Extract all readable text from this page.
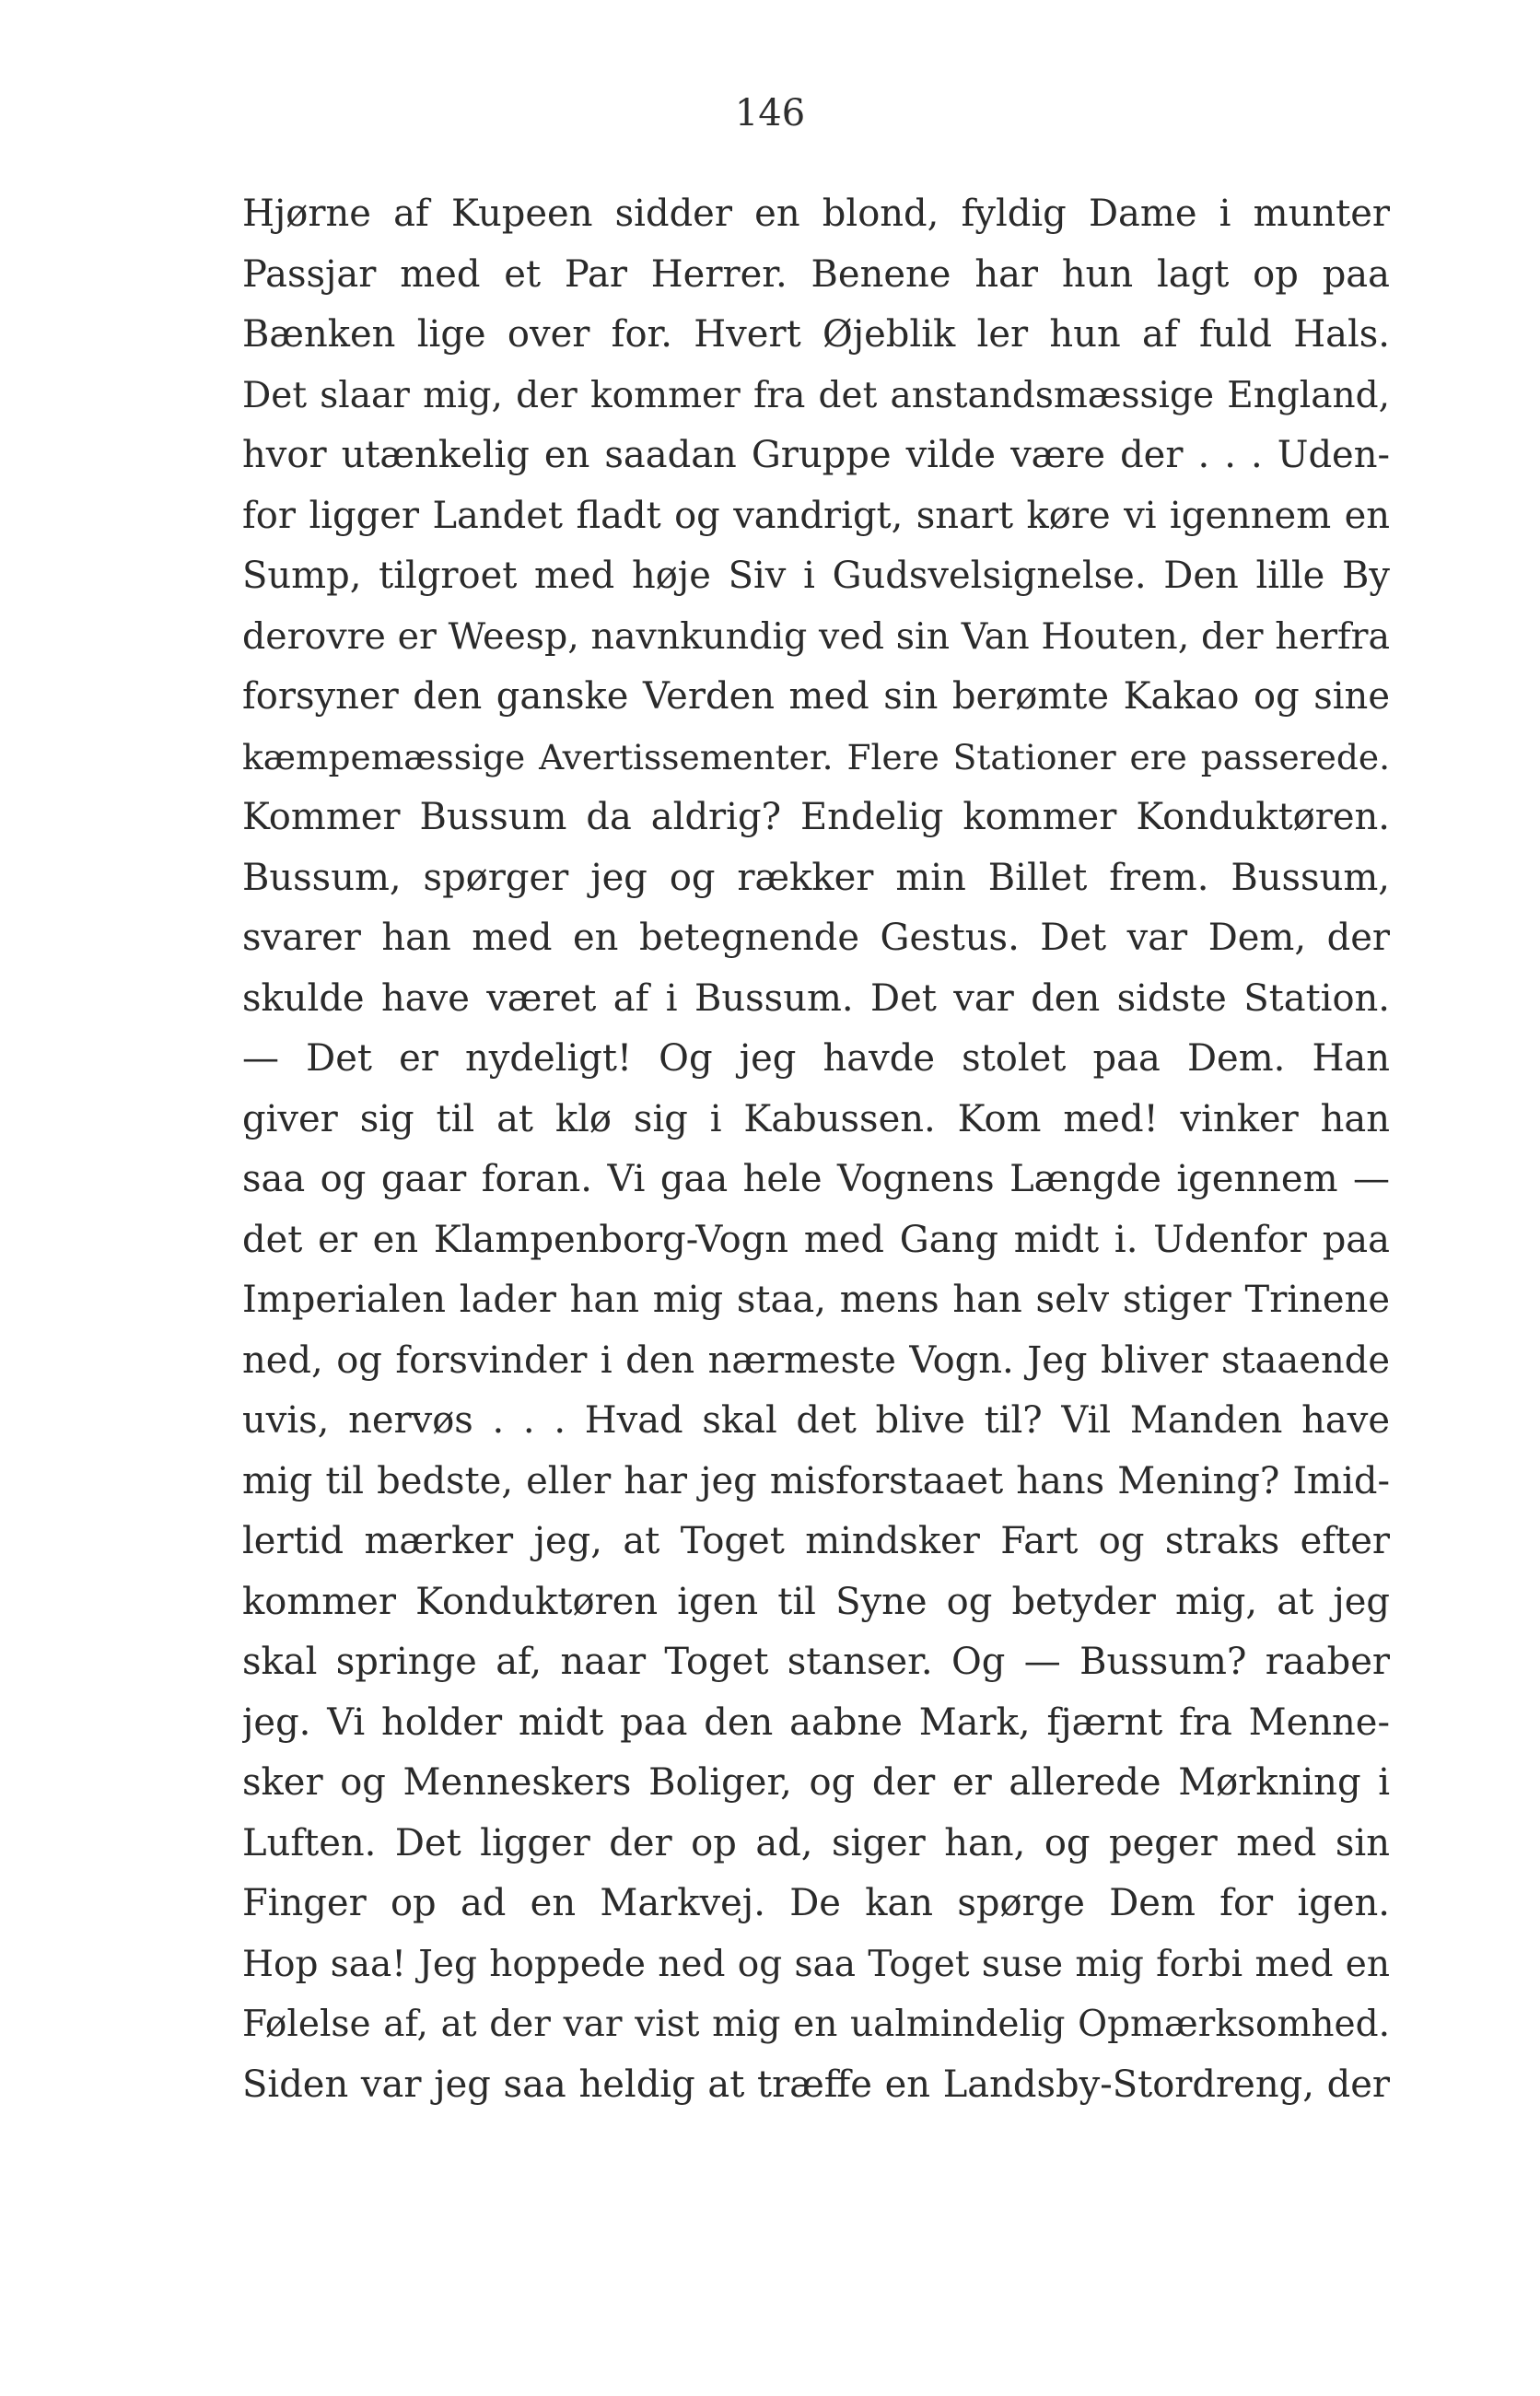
146
Hjørne af Kupeen sidder en blond, fyldig Dame i munter
Passjar med et Par Herrer. Benene har hun lagt op paa
Bænken lige over for. Hvert Øjeblik ler hun af fuld Hals.
Det slaar mig, der kommer fra det anstandsmæssige England,
hvor utænkelig en saadan Gruppe vilde være der . . . Uden-
for ligger Landet fladt og vandrigt, snart køre vi igennem en
Sump, tilgroet med høje Siv i Gudsvelsignelse. Den lille By
derovre er Weesp, navnkundig ved sin Van Houten, der herfra
forsyner den ganske Verden med sin berømte Kakao og sine
kæmpemæssige Avertissementer. Flere Stationer ere passerede.
Kommer Bussum da aldrig? Endelig kommer Konduktøren.
Bussum, spørger jeg og rækker min Billet frem. Bussum,
svarer han med en betegnende Gestus. Det var Dem, der
skulde have været af i Bussum. Det var den sidste Station.
— Det er nydeligt! Og jeg havde stolet paa Dem. Han
giver sig til at klø sig i Kabussen. Kom med! vinker han
saa og gaar foran. Vi gaa hele Vognens Længde igennem —
det er en Klampenborg-Vogn med Gang midt i. Udenfor paa
Imperialen lader han mig staa, mens han selv stiger Trinene
ned, og forsvinder i den nærmeste Vogn. Jeg bliver staaende
uvis, nervøs . . . Hvad skal det blive til? Vil Manden have
mig til bedste, eller har jeg misforstaaet hans Mening? Imid-
lertid mærker jeg, at Toget mindsker Fart og straks efter
kommer Konduktøren igen til Syne og betyder mig, at jeg
skal springe af, naar Toget stanser. Og — Bussum? raaber
jeg. Vi holder midt paa den aabne Mark, fjærnt fra Menne-
sker og Menneskers Boliger, og der er allerede Mørkning i
Luften. Det ligger der op ad, siger han, og peger med sin
Finger op ad en Markvej. De kan spørge Dem for igen.
Hop saa! Jeg hoppede ned og saa Toget suse mig forbi med en
Følelse af, at der var vist mig en ualmindelig Opmærksomhed.
Siden var jeg saa heldig at træffe en Landsby-Stordreng, der
